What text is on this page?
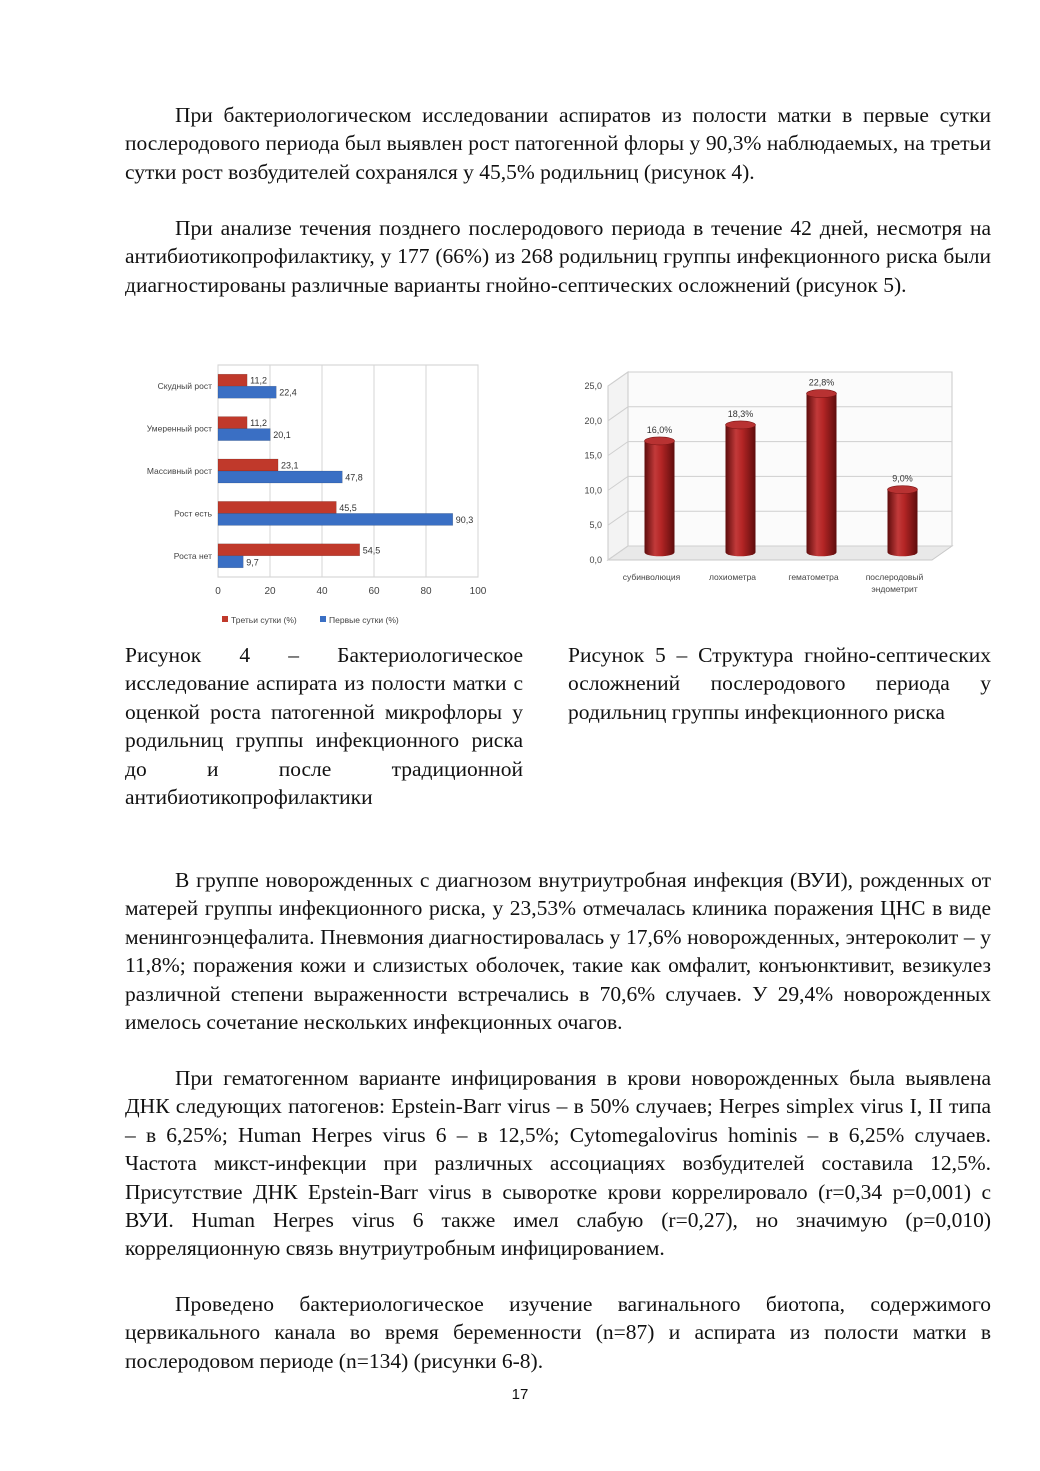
При бактериологическом исследовании аспиратов из полости матки в первые сутки послеродового периода был выявлен рост патогенной флоры у 90,3% наблюдаемых, на третьи сутки рост возбудителей сохранялся у 45,5% родильниц (рисунок 4).

При анализе течения позднего послеродового периода в течение 42 дней, несмотря на антибиотикопрофилактику, у 177 (66%) из 268 родильниц группы инфекционного риска были диагностированы различные варианты гнойно-септических осложнений (рисунок 5).

0	20	40	60	80	100
Скудный рост
11,2
22,4
Умеренный рост
11,2
20,1
Массивный рост
23,1
47,8
Рост есть
45,5
90,3
Роста нет
54,5
9,7
Третьи сутки (%)	Первые сутки (%)
0,0
5,0
10,0
15,0
20,0
25,0
16,0%
субинволюция
18,3%
лохиометра
22,8%
гематометра
9,0%
послеродовый
эндометрит

Рисунок 4 – Бактериологическое исследование аспирата из полости матки с оценкой роста патогенной микрофлоры у родильниц группы инфекционного риска до и после традиционной антибиотикопрофилактики

Рисунок 5 – Структура гнойно-септических осложнений послеродового периода у родильниц группы инфекционного риска

В группе новорожденных с диагнозом внутриутробная инфекция (ВУИ), рожденных от матерей группы инфекционного риска, у 23,53% отмечалась клиника поражения ЦНС в виде менингоэнцефалита. Пневмония диагностировалась у 17,6% новорожденных, энтероколит – у 11,8%; поражения кожи и слизистых оболочек, такие как омфалит, конъюнктивит, везикулез различной степени выраженности встречались в 70,6% случаев. У 29,4% новорожденных имелось сочетание нескольких инфекционных очагов.

При гематогенном варианте инфицирования в крови новорожденных была выявлена ДНК следующих патогенов: Epstein-Barr virus – в 50% случаев; Herpes simplex virus I, II типа – в 6,25%; Human Herpes virus 6 – в 12,5%; Cytomegalovirus hominis – в 6,25% случаев. Частота микст-инфекции при различных ассоциациях возбудителей составила 12,5%. Присутствие ДНК Epstein-Barr virus в сыворотке крови коррелировало (r=0,34 p=0,001) с ВУИ. Human Herpes virus 6 также имел слабую (r=0,27), но значимую (p=0,010) корреляционную связь внутриутробным инфицированием.

Проведено бактериологическое изучение вагинального биотопа, содержимого цервикального канала во время беременности (n=87) и аспирата из полости матки в послеродовом периоде (n=134) (рисунки 6-8).

17
